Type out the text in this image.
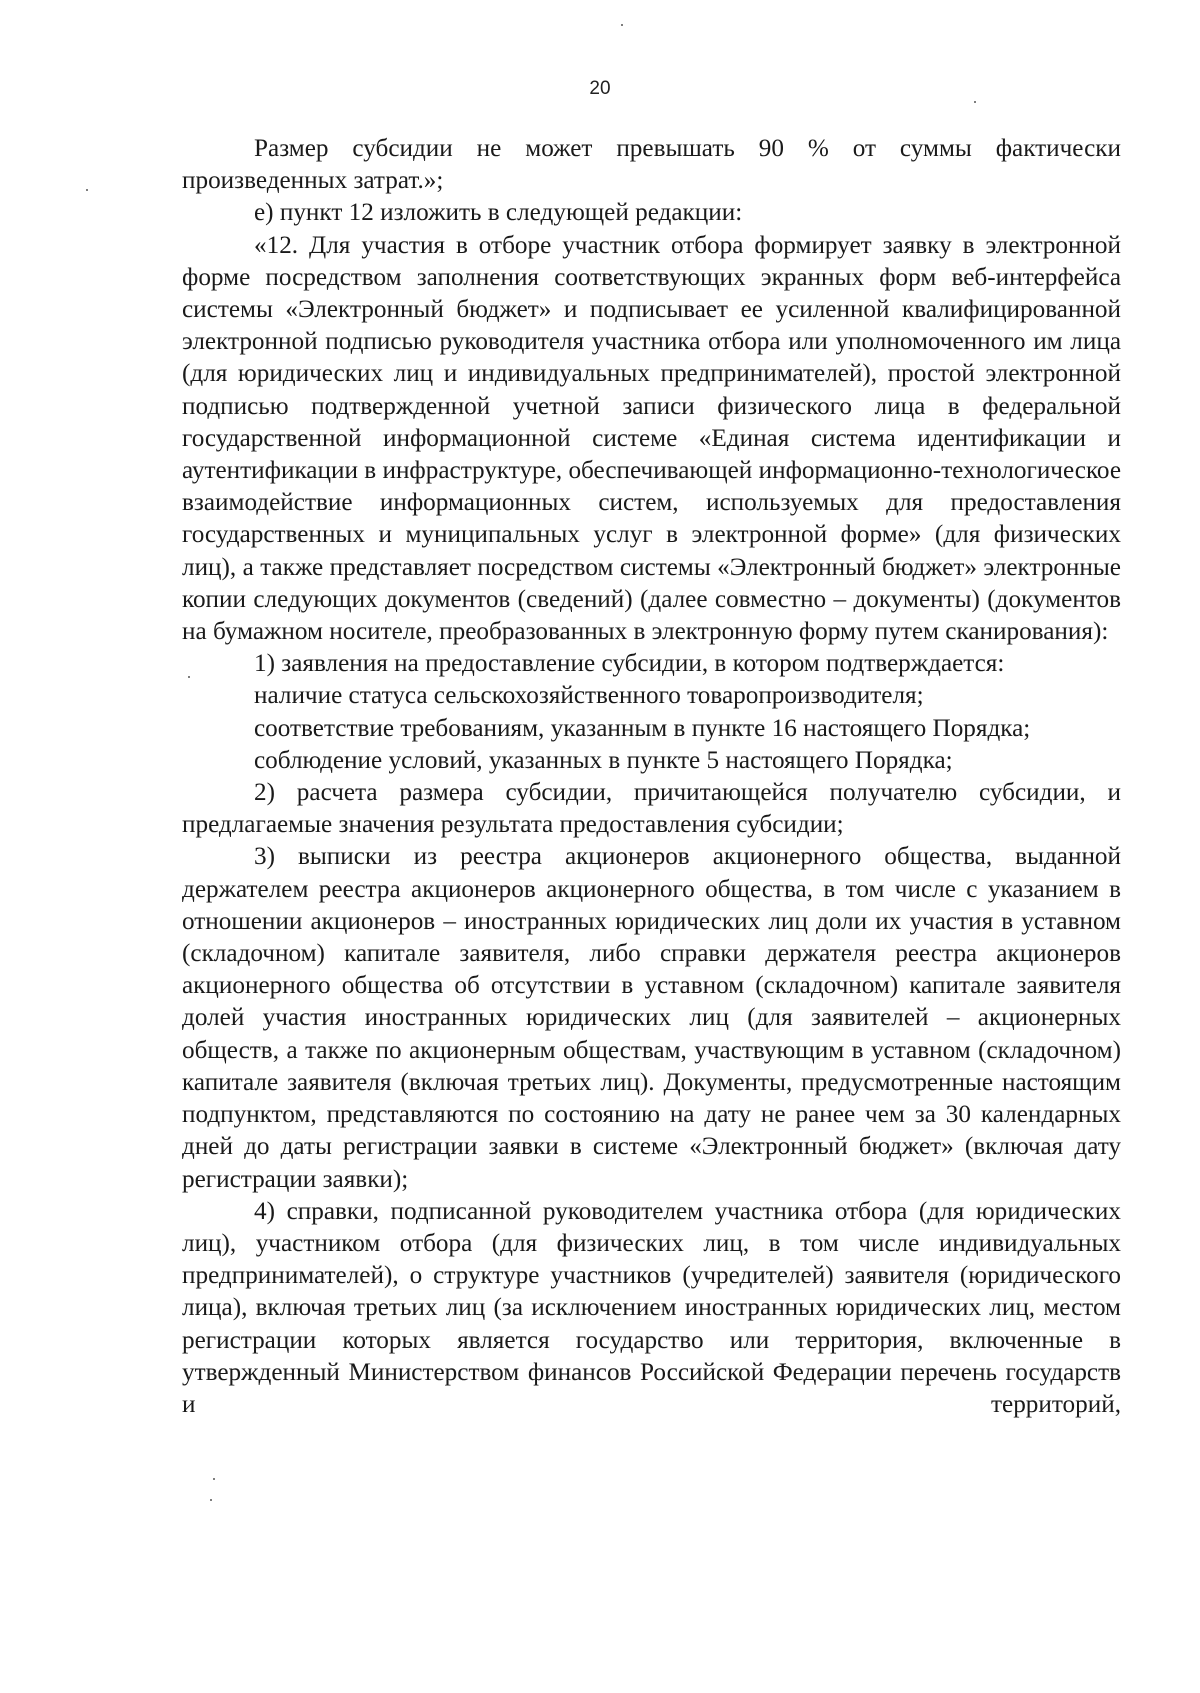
20

Размер субсидии не может превышать 90 % от суммы фактически произведенных затрат.»;

е) пункт 12 изложить в следующей редакции:

«12. Для участия в отборе участник отбора формирует заявку в электронной форме посредством заполнения соответствующих экранных форм веб-интерфейса системы «Электронный бюджет» и подписывает ее усиленной квалифицированной электронной подписью руководителя участника отбора или уполномоченного им лица (для юридических лиц и индивидуальных предпринимателей), простой электронной подписью подтвержденной учетной записи физического лица в федеральной государственной информационной системе «Единая система идентификации и аутентификации в инфраструктуре, обеспечивающей информационно-технологическое взаимодействие информационных систем, используемых для предоставления государственных и муниципальных услуг в электронной форме» (для физических лиц), а также представляет посредством системы «Электронный бюджет» электронные копии следующих документов (сведений) (далее совместно – документы) (документов на бумажном носителе, преобразованных в электронную форму путем сканирования):

1) заявления на предоставление субсидии, в котором подтверждается:

наличие статуса сельскохозяйственного товаропроизводителя;

соответствие требованиям, указанным в пункте 16 настоящего Порядка;

соблюдение условий, указанных в пункте 5 настоящего Порядка;

2) расчета размера субсидии, причитающейся получателю субсидии, и предлагаемые значения результата предоставления субсидии;

3) выписки из реестра акционеров акционерного общества, выданной держателем реестра акционеров акционерного общества, в том числе с указанием в отношении акционеров – иностранных юридических лиц доли их участия в уставном (складочном) капитале заявителя, либо справки держателя реестра акционеров акционерного общества об отсутствии в уставном (складочном) капитале заявителя долей участия иностранных юридических лиц (для заявителей – акционерных обществ, а также по акционерным обществам, участвующим в уставном (складочном) капитале заявителя (включая третьих лиц). Документы, предусмотренные настоящим подпунктом, представляются по состоянию на дату не ранее чем за 30 календарных дней до даты регистрации заявки в системе «Электронный бюджет» (включая дату регистрации заявки);

4) справки, подписанной руководителем участника отбора (для юридических лиц), участником отбора (для физических лиц, в том числе индивидуальных предпринимателей), о структуре участников (учредителей) заявителя (юридического лица), включая третьих лиц (за исключением иностранных юридических лиц, местом регистрации которых является государство или территория, включенные в утвержденный Министерством финансов Российской Федерации перечень государств и территорий,
